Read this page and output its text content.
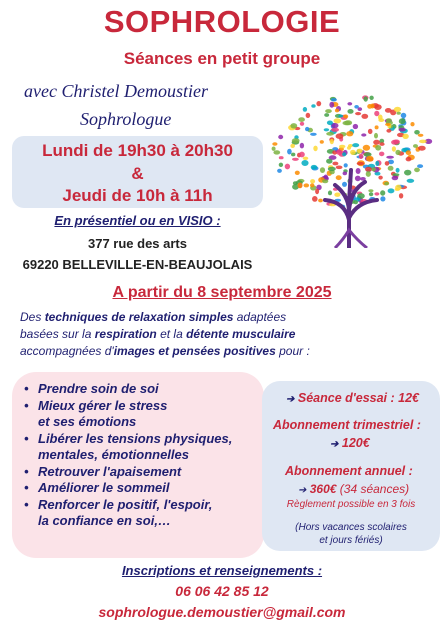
SOPHROLOGIE
Séances en petit groupe
avec Christel Demoustier
Sophrologue
Lundi de 19h30 à 20h30
&
Jeudi de 10h à 11h
En présentiel ou en VISIO :
377 rue des arts
69220 BELLEVILLE-EN-BEAUJOLAIS
A partir du 8 septembre 2025
Des techniques de relaxation simples adaptées
basées sur la respiration et la détente musculaire
accompagnées d'images et pensées positives pour :
• Prendre soin de soi
• Mieux gérer le stress
et ses émotions
• Libérer les tensions physiques,
mentales, émotionnelles
• Retrouver l'apaisement
• Améliorer le sommeil
• Renforcer le positif, l'espoir,
la confiance en soi,…
➔ Séance d'essai : 12€
Abonnement trimestriel :
➔ 120€
Abonnement annuel :
➔ 360€ (34 séances)
Règlement possible en 3 fois
(Hors vacances scolaires
et jours fériés)
Inscriptions et renseignements :
06 06 42 85 12
sophrologue.demoustier@gmail.com
